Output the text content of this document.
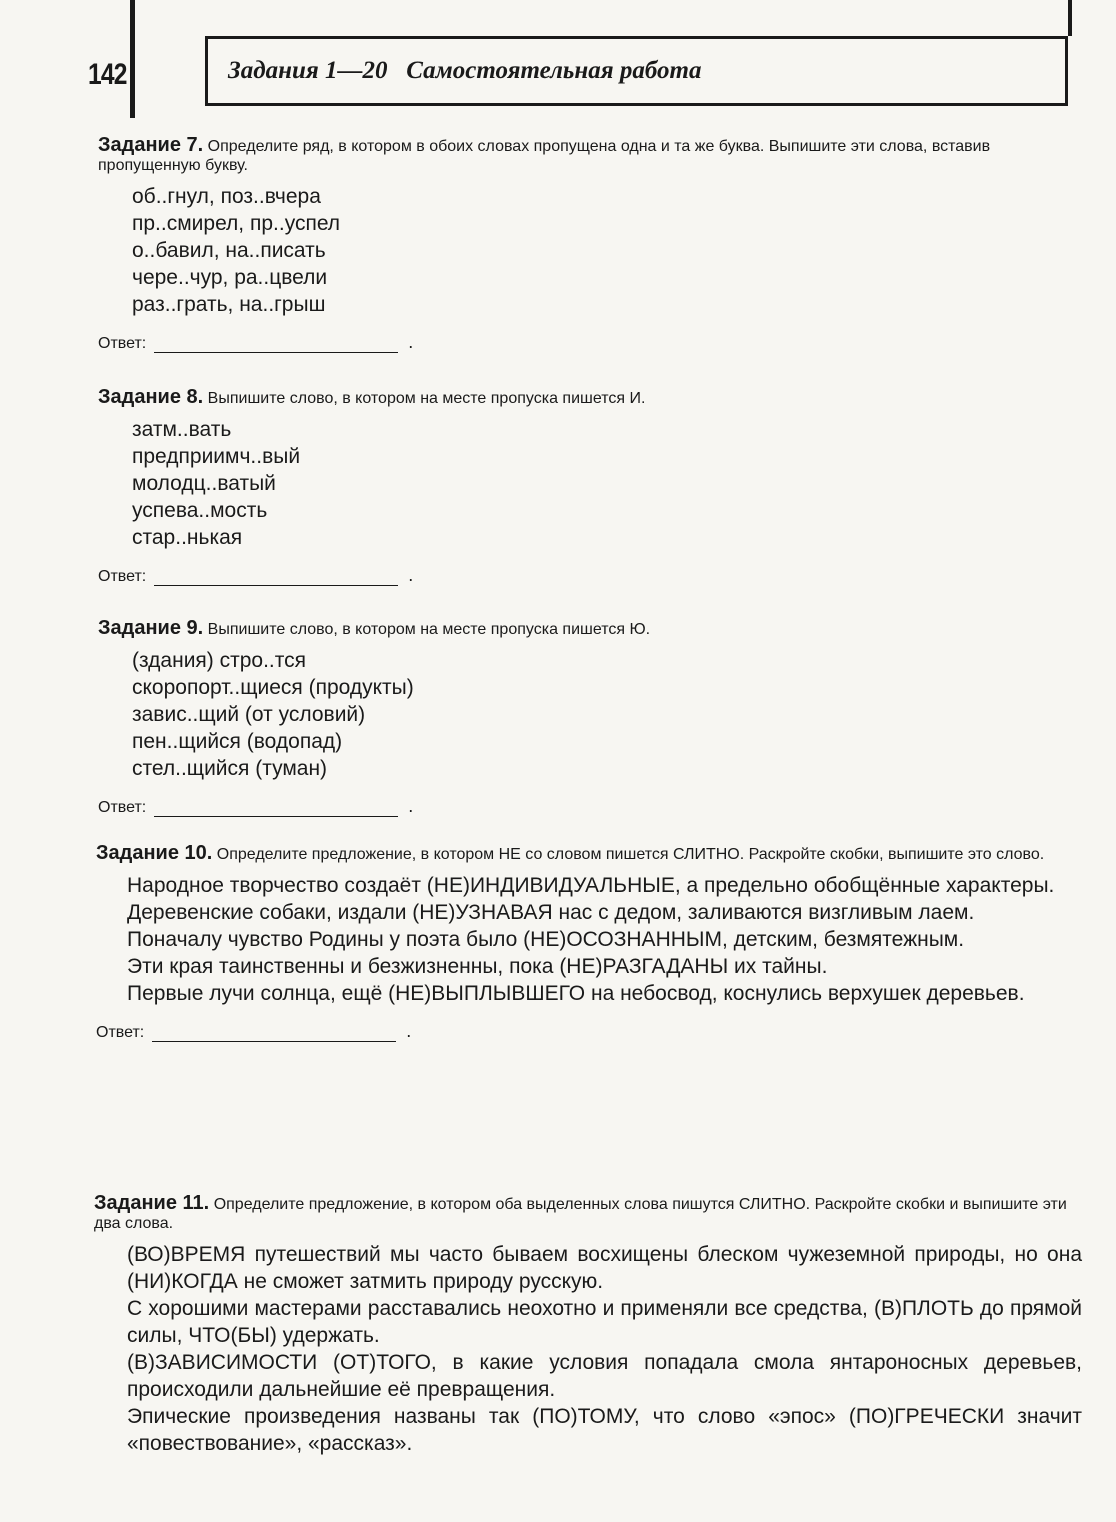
142	Задания 1—20   Самостоятельная работа
Задание 7. Определите ряд, в котором в обоих словах пропущена одна и та же буква. Выпишите эти слова, вставив пропущенную букву.
об..гнул, поз..вчера
пр..смирел, пр..успел
о..бавил, на..писать
чере..чур, ра..цвели
раз..грать, на..грыш
Ответ:	.
Задание 8. Выпишите слово, в котором на месте пропуска пишется И.
затм..вать
предприимч..вый
молодц..ватый
успева..мость
стар..нькая
Ответ:	.
Задание 9. Выпишите слово, в котором на месте пропуска пишется Ю.
(здания) стро..тся
скоропорт..щиеся (продукты)
завис..щий (от условий)
пен..щийся (водопад)
стел..щийся (туман)
Ответ:	.
Задание 10. Определите предложение, в котором НЕ со словом пишется СЛИТНО. Раскройте скобки, выпишите это слово.
Народное творчество создаёт (НЕ)ИНДИВИДУАЛЬНЫЕ, а предельно обобщённые характеры.
Деревенские собаки, издали (НЕ)УЗНАВАЯ нас с дедом, заливаются визгливым лаем.
Поначалу чувство Родины у поэта было (НЕ)ОСОЗНАННЫМ, детским, безмятежным.
Эти края таинственны и безжизненны, пока (НЕ)РАЗГАДАНЫ их тайны.
Первые лучи солнца, ещё (НЕ)ВЫПЛЫВШЕГО на небосвод, коснулись верхушек деревьев.
Ответ:	.
Задание 11. Определите предложение, в котором оба выделенных слова пишутся СЛИТНО. Раскройте скобки и выпишите эти два слова.
(ВО)ВРЕМЯ путешествий мы часто бываем восхищены блеском чужеземной природы, но она (НИ)КОГДА не сможет затмить природу русскую.
С хорошими мастерами расставались неохотно и применяли все средства, (В)ПЛОТЬ до прямой силы, ЧТО(БЫ) удержать.
(В)ЗАВИСИМОСТИ (ОТ)ТОГО, в какие условия попадала смола янтароносных деревьев, происходили дальнейшие её превращения.
Эпические произведения названы так (ПО)ТОМУ, что слово «эпос» (ПО)ГРЕЧЕСКИ значит «повествование», «рассказ».
